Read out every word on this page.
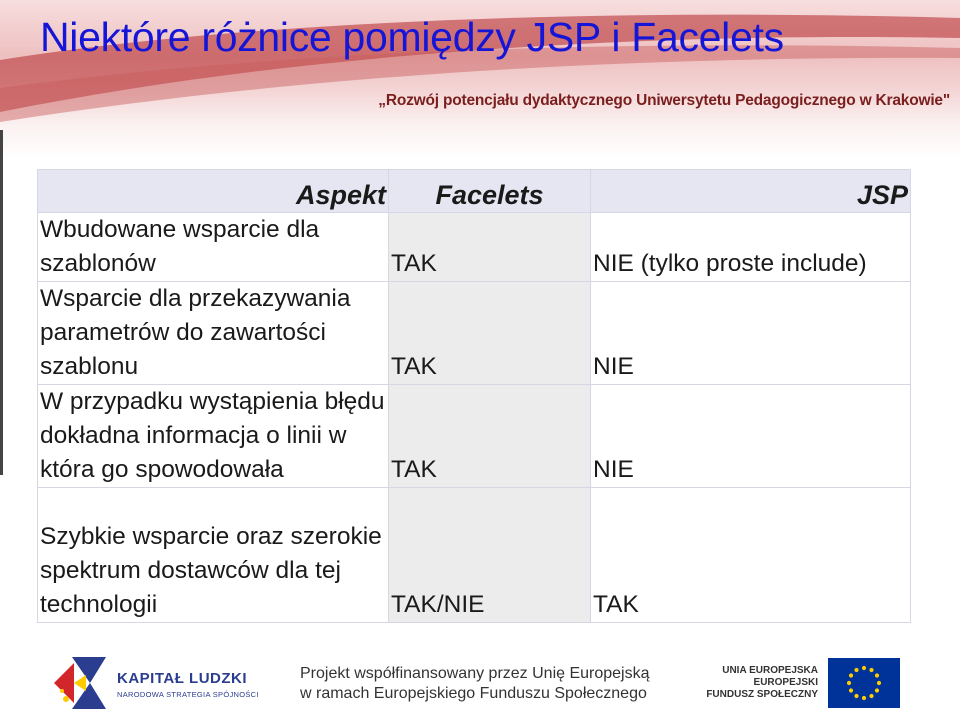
Niektóre różnice pomiędzy JSP i Facelets
„Rozwój potencjału dydaktycznego Uniwersytetu Pedagogicznego w Krakowie"
Aspekt	Facelets	JSP
Wbudowane wsparcie dla szablonów	TAK	NIE (tylko proste include)
Wsparcie dla przekazywania parametrów do zawartości szablonu	TAK	NIE
W przypadku wystąpienia błędu dokładna informacja o linii w która go spowodowała	TAK	NIE
Szybkie wsparcie oraz szerokie spektrum dostawców dla tej technologii	TAK/NIE	TAK
KAPITAŁ LUDZKI
NARODOWA STRATEGIA SPÓJNOŚCI
Projekt współfinansowany przez Unię Europejską
w ramach Europejskiego Funduszu Społecznego
UNIA EUROPEJSKA
EUROPEJSKI
FUNDUSZ SPOŁECZNY
